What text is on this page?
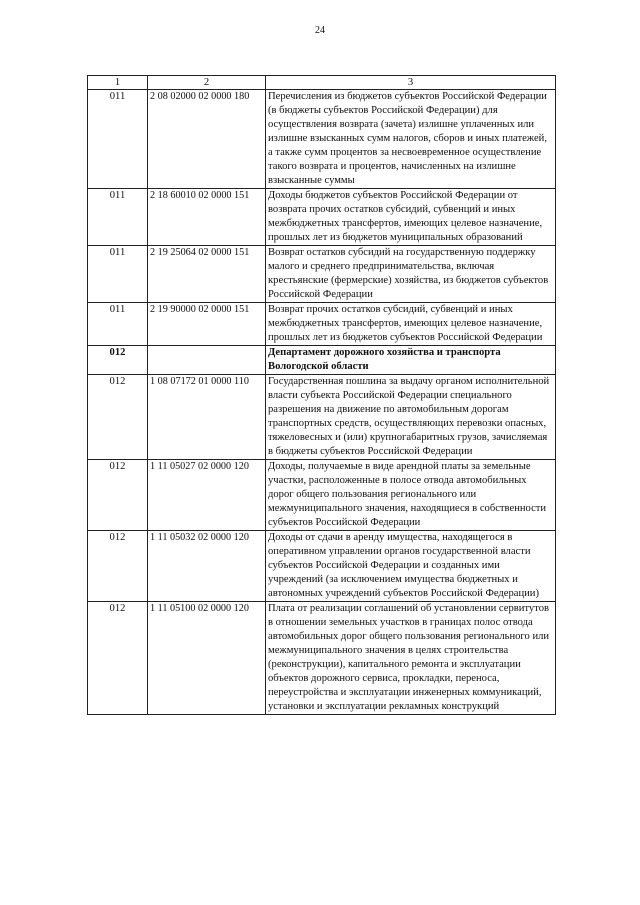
24
1	2	3
011	2 08 02000 02 0000 180	Перечисления из бюджетов субъектов Российской Федерации (в бюджеты субъектов Российской Федерации) для осуществления возврата (зачета) излишне уплаченных или излишне взысканных сумм налогов, сборов и иных платежей, а также сумм процентов за несвоевременное осуществление такого возврата и процентов, начисленных на излишне взысканные суммы
011	2 18 60010 02 0000 151	Доходы бюджетов субъектов Российской Федерации от возврата прочих остатков субсидий, субвенций и иных межбюджетных трансфертов, имеющих целевое назначение, прошлых лет из бюджетов муниципальных образований
011	2 19 25064 02 0000 151	Возврат остатков субсидий на государственную поддержку малого и среднего предпринимательства, включая крестьянские (фермерские) хозяйства, из бюджетов субъектов Российской Федерации
011	2 19 90000 02 0000 151	Возврат прочих остатков субсидий, субвенций и иных межбюджетных трансфертов, имеющих целевое назначение, прошлых лет из бюджетов субъектов Российской Федерации
012		Департамент дорожного хозяйства и транспорта Вологодской области
012	1 08 07172 01 0000 110	Государственная пошлина за выдачу органом исполнительной власти субъекта Российской Федерации специального разрешения на движение по автомобильным дорогам транспортных средств, осуществляющих перевозки опасных, тяжеловесных и (или) крупногабаритных грузов, зачисляемая в бюджеты субъектов Российской Федерации
012	1 11 05027 02 0000 120	Доходы, получаемые в виде арендной платы за земельные участки, расположенные в полосе отвода автомобильных дорог общего пользования регионального или межмуниципального значения, находящиеся в собственности субъектов Российской Федерации
012	1 11 05032 02 0000 120	Доходы от сдачи в аренду имущества, находящегося в оперативном управлении органов государственной власти субъектов Российской Федерации и созданных ими учреждений (за исключением имущества бюджетных и автономных учреждений субъектов Российской Федерации)
012	1 11 05100 02 0000 120	Плата от реализации соглашений об установлении сервитутов в отношении земельных участков в границах полос отвода автомобильных дорог общего пользования регионального или межмуниципального значения в целях строительства (реконструкции), капитального ремонта и эксплуатации объектов дорожного сервиса, прокладки, переноса, переустройства и эксплуатации инженерных коммуникаций, установки и эксплуатации рекламных конструкций
